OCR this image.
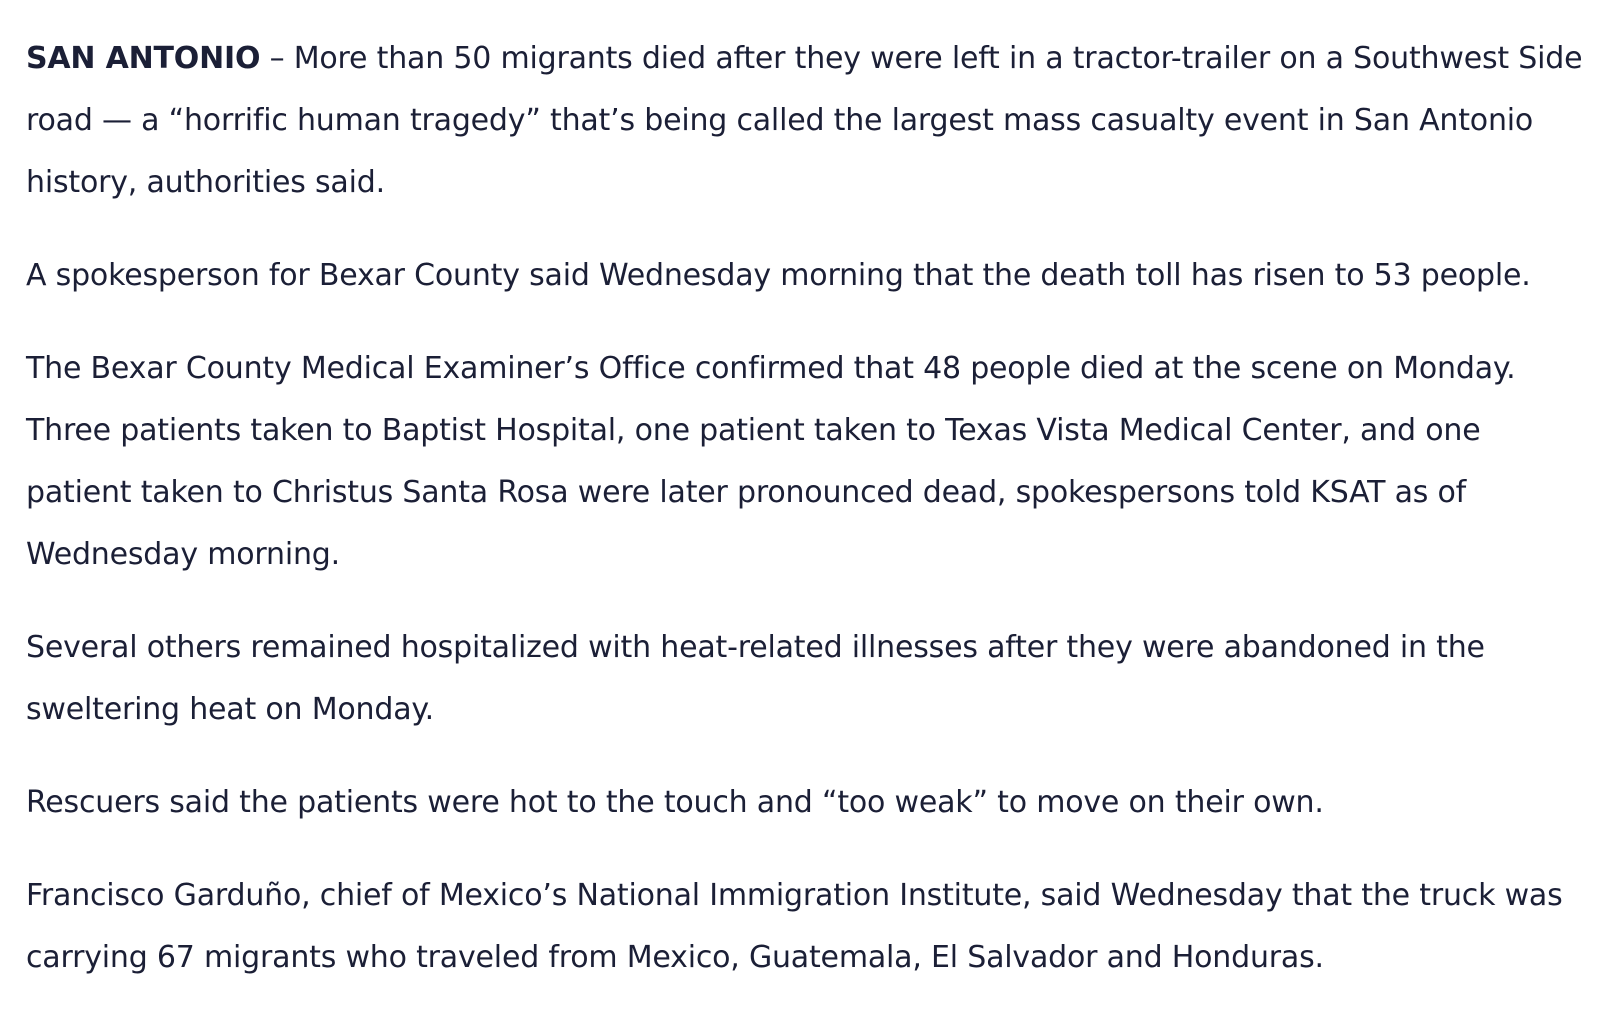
SAN ANTONIO – More than 50 migrants died after they were left in a tractor-trailer on a Southwest Side road — a “horrific human tragedy” that’s being called the largest mass casualty event in San Antonio history, authorities said.

A spokesperson for Bexar County said Wednesday morning that the death toll has risen to 53 people.

The Bexar County Medical Examiner’s Office confirmed that 48 people died at the scene on Monday. Three patients taken to Baptist Hospital, one patient taken to Texas Vista Medical Center, and one patient taken to Christus Santa Rosa were later pronounced dead, spokespersons told KSAT as of Wednesday morning.

Several others remained hospitalized with heat-related illnesses after they were abandoned in the sweltering heat on Monday.

Rescuers said the patients were hot to the touch and “too weak” to move on their own.

Francisco Garduño, chief of Mexico’s National Immigration Institute, said Wednesday that the truck was carrying 67 migrants who traveled from Mexico, Guatemala, El Salvador and Honduras.
